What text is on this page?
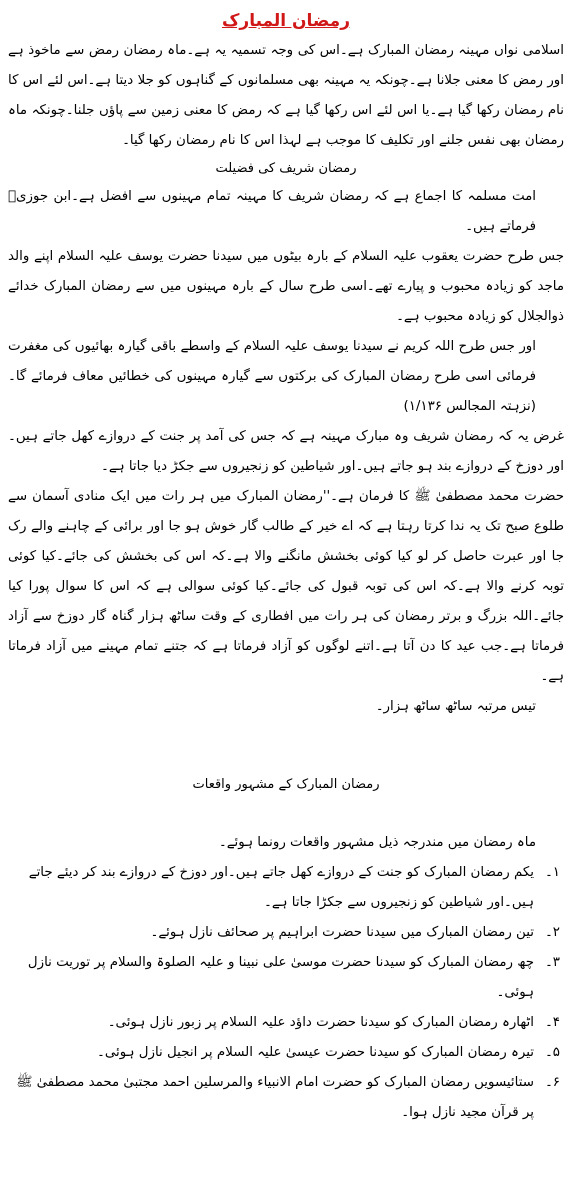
رمضان المبارک

اسلامی نواں مہینہ رمضان المبارک ہے۔اس کی وجہ تسمیہ یہ ہے۔ماہ رمضان رمض سے ماخوذ ہے اور رمض کا معنی جلانا ہے۔چونکہ یہ مہینہ بھی مسلمانوں کے گناہوں کو جلا دیتا ہے۔اس لئے اس کا نام رمضان رکھا گیا ہے۔یا اس لئے اس رکھا گیا ہے کہ رمض کا معنی زمین سے پاؤں جلنا۔چونکہ ماہ رمضان بھی نفس جلنے اور تکلیف کا موجب ہے لہذا اس کا نام رمضان رکھا گیا۔

رمضان شریف کی فضیلت

امت مسلمہ کا اجماع ہے کہ رمضان شریف کا مہینہ تمام مہینوں سے افضل ہے۔ابن جوزیؒ فرماتے ہیں۔

جس طرح حضرت یعقوب علیہ السلام کے بارہ بیٹوں میں سیدنا حضرت یوسف علیہ السلام اپنے والد ماجد کو زیادہ محبوب و پیارے تھے۔اسی طرح سال کے بارہ مہینوں میں سے رمضان المبارک خدائے ذوالجلال کو زیادہ محبوب ہے۔

اور جس طرح اللہ کریم نے سیدنا یوسف علیہ السلام کے واسطے باقی گیارہ بھائیوں کی مغفرت فرمائی اسی طرح رمضان المبارک کی برکتوں سے گیارہ مہینوں کی خطائیں معاف فرمائے گا۔ (نزہتہ المجالس ۱/۱۳۶)

غرض یہ کہ رمضان شریف وہ مبارک مہینہ ہے کہ جس کی آمد پر جنت کے دروازے کھل جاتے ہیں۔اور دوزخ کے دروازے بند ہو جاتے ہیں۔اور شیاطین کو زنجیروں سے جکڑ دیا جاتا ہے۔

حضرت محمد مصطفیٰ ﷺ کا فرمان ہے۔''رمضان المبارک میں ہر رات میں ایک منادی آسمان سے طلوع صبح تک یہ ندا کرتا رہتا ہے کہ اے خیر کے طالب گار خوش ہو جا اور برائی کے چاہنے والے رک جا اور عبرت حاصل کر لو کیا کوئی بخشش مانگنے والا ہے۔کہ اس کی بخشش کی جائے۔کیا کوئی توبہ کرنے والا ہے۔کہ اس کی توبہ قبول کی جائے۔کیا کوئی سوالی ہے کہ اس کا سوال پورا کیا جائے۔اللہ بزرگ و برتر رمضان کی ہر رات میں افطاری کے وقت ساٹھ ہزار گناہ گار دوزخ سے آزاد فرماتا ہے۔جب عید کا دن آتا ہے۔اتنے لوگوں کو آزاد فرماتا ہے کہ جتنے تمام مہینے میں آزاد فرماتا ہے۔

تیس مرتبہ ساٹھ ساٹھ ہزار۔

رمضان المبارک کے مشہور واقعات

ماہ رمضان میں مندرجہ ذیل مشہور واقعات رونما ہوئے۔

۱۔
یکم رمضان المبارک کو جنت کے دروازے کھل جاتے ہیں۔اور دوزخ کے دروازے بند کر دیئے جاتے ہیں۔اور شیاطین کو زنجیروں سے جکڑا جاتا ہے۔
۲۔
تین رمضان المبارک میں سیدنا حضرت ابراہیم پر صحائف نازل ہوئے۔
۳۔
چھ رمضان المبارک کو سیدنا حضرت موسیٰ علی نبینا و علیہ الصلوۃ والسلام پر توریت نازل ہوئی۔
۴۔
اٹھارہ رمضان المبارک کو سیدنا حضرت داؤد علیہ السلام پر زبور نازل ہوئی۔
۵۔
تیرہ رمضان المبارک کو سیدنا حضرت عیسیٰ علیہ السلام پر انجیل نازل ہوئی۔
۶۔
ستائیسویں رمضان المبارک کو حضرت امام الانبیاء والمرسلین احمد مجتبیٰ محمد مصطفیٰ ﷺ پر قرآن مجید نازل ہوا۔
